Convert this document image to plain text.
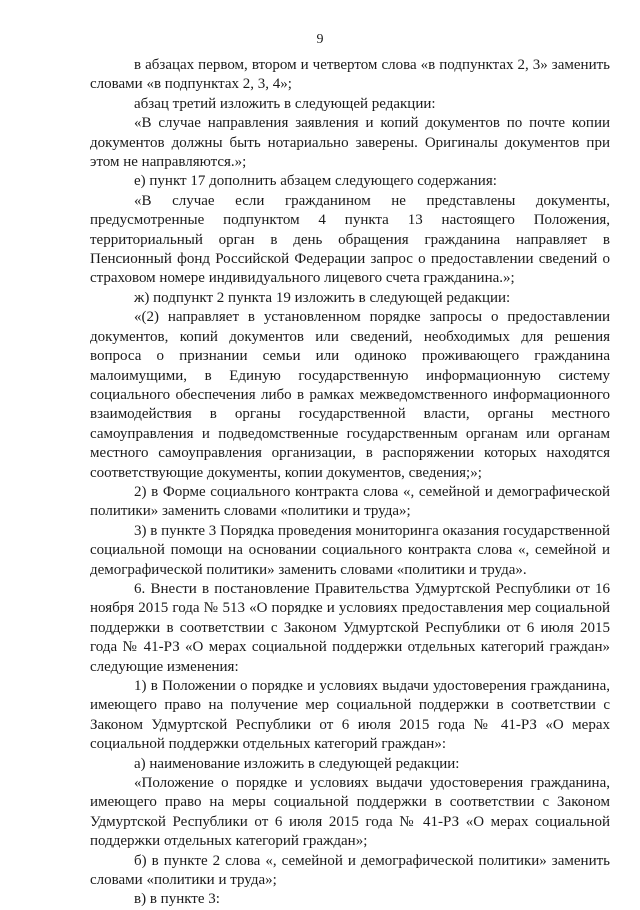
9

в абзацах первом, втором и четвертом слова «в подпунктах 2, 3» заменить словами «в подпунктах 2, 3, 4»;

абзац третий изложить в следующей редакции:

«В случае направления заявления и копий документов по почте копии документов должны быть нотариально заверены. Оригиналы документов при этом не направляются.»;

е) пункт 17 дополнить абзацем следующего содержания:

«В случае если гражданином не представлены документы, предусмотренные подпунктом 4 пункта 13 настоящего Положения, территориальный орган в день обращения гражданина направляет в Пенсионный фонд Российской Федерации запрос о предоставлении сведений о страховом номере индивидуального лицевого счета гражданина.»;

ж) подпункт 2 пункта 19 изложить в следующей редакции:

«(2) направляет в установленном порядке запросы о предоставлении документов, копий документов или сведений, необходимых для решения вопроса о признании семьи или одиноко проживающего гражданина малоимущими, в Единую государственную информационную систему социального обеспечения либо в рамках межведомственного информационного взаимодействия в органы государственной власти, органы местного самоуправления и подведомственные государственным органам или органам местного самоуправления организации, в распоряжении которых находятся соответствующие документы, копии документов, сведения;»;

2) в Форме социального контракта слова «, семейной и демографической политики» заменить словами «политики и труда»;

3) в пункте 3 Порядка проведения мониторинга оказания государственной социальной помощи на основании социального контракта слова «, семейной и демографической политики» заменить словами «политики и труда».

6. Внести в постановление Правительства Удмуртской Республики от 16 ноября 2015 года № 513 «О порядке и условиях предоставления мер социальной поддержки в соответствии с Законом Удмуртской Республики от 6 июля 2015 года № 41-РЗ «О мерах социальной поддержки отдельных категорий граждан» следующие изменения:

1) в Положении о порядке и условиях выдачи удостоверения гражданина, имеющего право на получение мер социальной поддержки в соответствии с Законом Удмуртской Республики от 6 июля 2015 года № 41-РЗ «О мерах социальной поддержки отдельных категорий граждан»:

а) наименование изложить в следующей редакции:

«Положение о порядке и условиях выдачи удостоверения гражданина, имеющего право на меры социальной поддержки в соответствии с Законом Удмуртской Республики от 6 июля 2015 года № 41-РЗ «О мерах социальной поддержки отдельных категорий граждан»;

б) в пункте 2 слова «, семейной и демографической политики» заменить словами «политики и труда»;

в) в пункте 3:
